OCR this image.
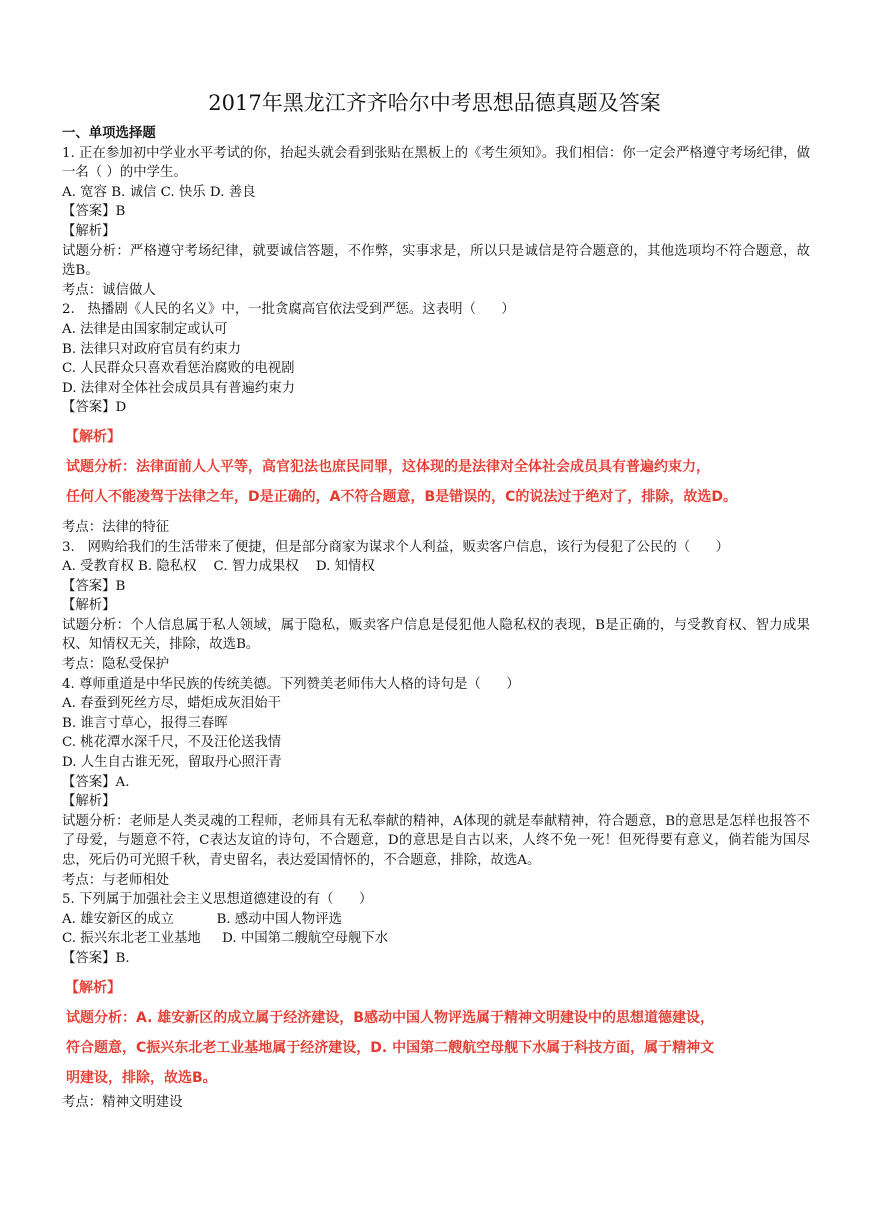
2017年黑龙江齐齐哈尔中考思想品德真题及答案
一、单项选择题
1. 正在参加初中学业水平考试的你，抬起头就会看到张贴在黑板上的《考生须知》。我们相信：你一定会严格遵守考场纪律，做一名（ ）的中学生。
A. 宽容 B. 诚信 C. 快乐 D. 善良
【答案】B
【解析】
试题分析：严格遵守考场纪律，就要诚信答题，不作弊，实事求是，所以只是诚信是符合题意的，其他选项均不符合题意，故选B。
考点：诚信做人
2.   热播剧《人民的名义》中，一批贪腐高官依法受到严惩。这表明（      ）
A. 法律是由国家制定或认可
B. 法律只对政府官员有约束力
C. 人民群众只喜欢看惩治腐败的电视剧
D. 法律对全体社会成员具有普遍约束力
【答案】D
【解析】
试题分析：法律面前人人平等，高官犯法也庶民同罪，这体现的是法律对全体社会成员具有普遍约束力，
任何人不能凌驾于法律之年，D是正确的，A不符合题意，B是错误的，C的说法过于绝对了，排除，故选D。
考点：法律的特征
3.   网购给我们的生活带来了便捷，但是部分商家为谋求个人利益，贩卖客户信息，该行为侵犯了公民的（      ）
A. 受教育权 B. 隐私权    C. 智力成果权    D. 知情权
【答案】B
【解析】
试题分析：个人信息属于私人领域，属于隐私，贩卖客户信息是侵犯他人隐私权的表现，B是正确的，与受教育权、智力成果权、知情权无关，排除，故选B。
考点：隐私受保护
4. 尊师重道是中华民族的传统美德。下列赞美老师伟大人格的诗句是（      ）
A. 春蚕到死丝方尽，蜡炬成灰泪始干
B. 谁言寸草心，报得三春晖
C. 桃花潭水深千尺，不及汪伦送我情
D. 人生自古谁无死，留取丹心照汗青
【答案】A.
【解析】
试题分析：老师是人类灵魂的工程师，老师具有无私奉献的精神，A体现的就是奉献精神，符合题意，B的意思是怎样也报答不了母爱，与题意不符，C表达友谊的诗句，不合题意，D的意思是自古以来，人终不免一死！但死得要有意义，倘若能为国尽忠，死后仍可光照千秋，青史留名，表达爱国情怀的，不合题意，排除，故选A。
考点：与老师相处
5. 下列属于加强社会主义思想道德建设的有（      ）
A. 雄安新区的成立          B. 感动中国人物评选
C. 振兴东北老工业基地     D. 中国第二艘航空母舰下水
【答案】B.
【解析】
试题分析：A. 雄安新区的成立属于经济建设，B感动中国人物评选属于精神文明建设中的思想道德建设，
符合题意，C振兴东北老工业基地属于经济建设，D. 中国第二艘航空母舰下水属于科技方面，属于精神文
明建设，排除，故选B。
考点：精神文明建设
